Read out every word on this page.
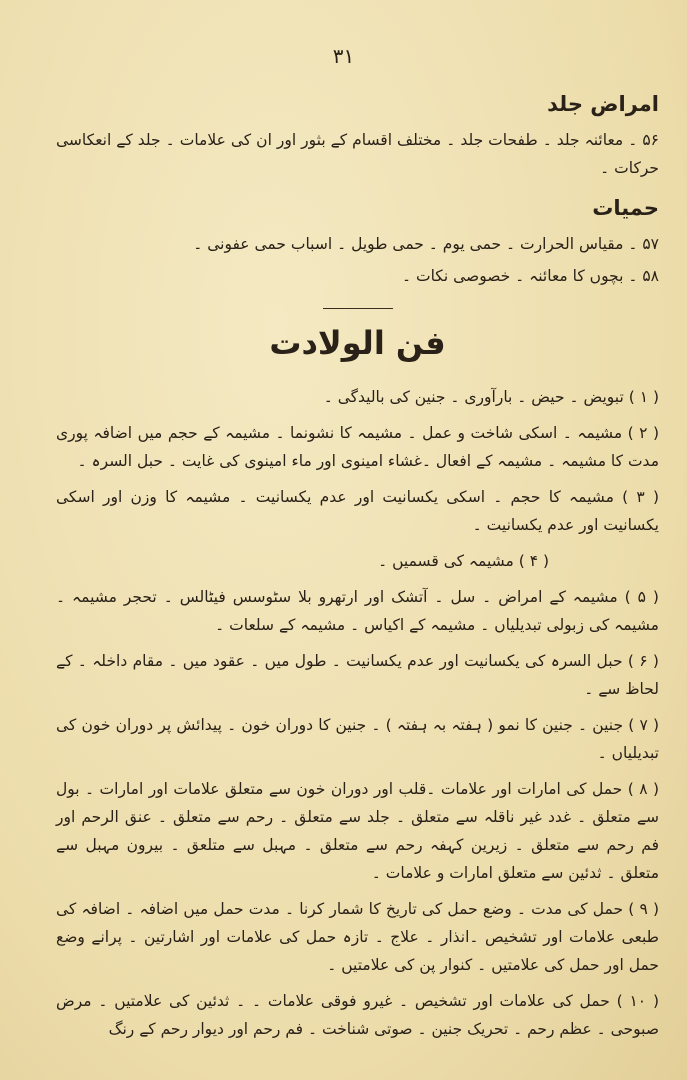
۳۱
امراض جلد
۵۶ ۔ معائنہ جلد ۔ طفحات جلد ۔ مختلف اقسام کے بثور اور ان کی علامات ۔ جلد کے انعکاسی حرکات ۔
حمیات
۵۷ ۔ مقیاس الحرارت ۔ حمی یوم ۔ حمی طویل ۔ اسباب حمی عفونی ۔
۵۸ ۔ بچوں کا معائنہ ۔ خصوصی نکات ۔
فن الولادت
( ۱ ) تبویض ۔ حیض ۔ بارآوری ۔ جنین کی بالیدگی ۔
( ۲ ) مشیمہ ۔ اسکی شاخت و عمل ۔ مشیمہ کا نشونما ۔ مشیمہ کے حجم میں اضافہ پوری مدت کا مشیمہ ۔ مشیمہ کے افعال ۔غشاء امینوی اور ماء امینوی کی غایت ۔ حبل السرہ ۔
( ۳ ) مشیمہ کا حجم ۔ اسکی یکسانیت اور عدم یکسانیت ۔ مشیمہ کا وزن اور اسکی یکسانیت اور عدم یکسانیت ۔
( ۴ ) مشیمہ کی قسمیں ۔
( ۵ ) مشیمہ کے امراض ۔ سل ۔ آتشک اور ارتھرو بلا سٹوسس فیٹالس ۔ تحجر مشیمہ ۔ مشیمہ کی زبولی تبدیلیاں ۔ مشیمہ کے اکیاس ۔ مشیمہ کے سلعات ۔
( ۶ ) حبل السرہ کی یکسانیت اور عدم یکسانیت ۔ طول میں ۔ عقود میں ۔ مقام داخلہ ۔ کے لحاظ سے ۔
( ۷ ) جنین ۔ جنین کا نمو ( ہفتہ بہ ہفتہ ) ۔ جنین کا دوران خون ۔ پیدائش پر دوران خون کی تبدیلیاں ۔
( ۸ ) حمل کی امارات اور علامات ۔قلب اور دوران خون سے متعلق علامات اور امارات ۔ بول سے متعلق ۔ غدد غیر ناقلہ سے متعلق ۔ جلد سے متعلق ۔ رحم سے متعلق ۔ عنق الرحم اور فم رحم سے متعلق ۔ زیرین کہفہ رحم سے متعلق ۔ مہبل سے متلعق ۔ بیرون مہبل سے متعلق ۔ ثدئین سے متعلق امارات و علامات ۔
( ۹ ) حمل کی مدت ۔ وضع حمل کی تاریخ کا شمار کرنا ۔ مدت حمل میں اضافہ ۔ اضافہ کی طبعی علامات اور تشخیص ۔انذار ۔ علاج ۔ تازہ حمل کی علامات اور اشارتین ۔ پرانے وضع حمل اور حمل کی علامتیں ۔ کنوار پن کی علامتیں ۔
( ۱۰ ) حمل کی علامات اور تشخیص ۔ غیرو فوقی علامات ۔ ۔ ثدئین کی علامتیں ۔ مرض صبوحی ۔ عظم رحم ۔ تحریک جنین ۔ صوتی شناخت ۔ فم رحم اور دیوار رحم کے رنگ
